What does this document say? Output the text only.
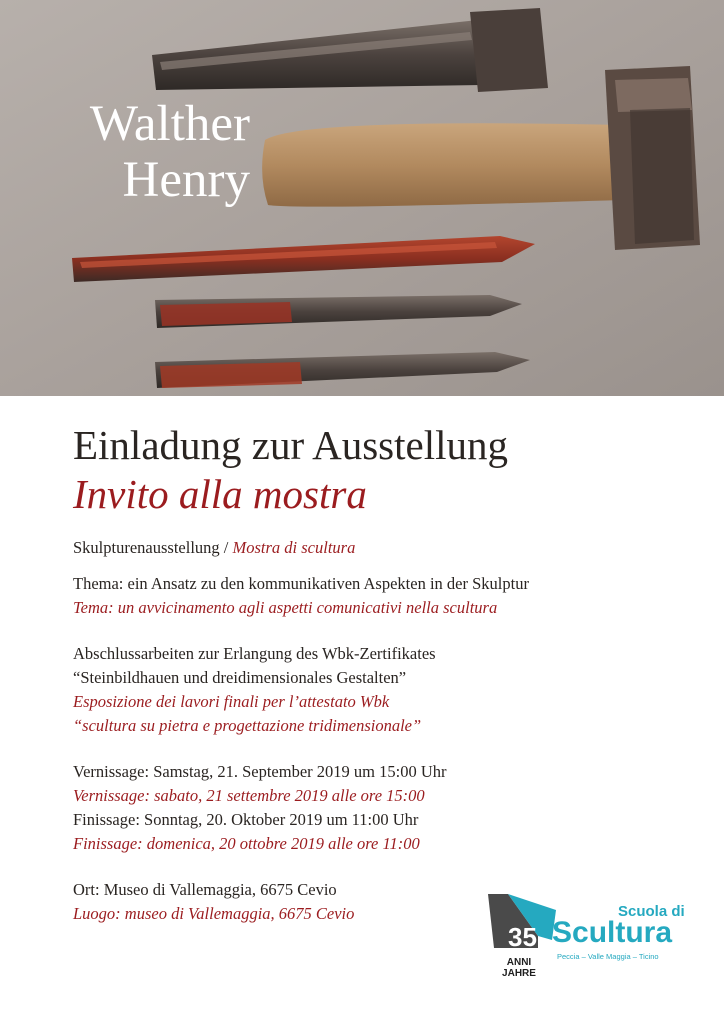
Walther
Henry
Einladung zur Ausstellung
Invito alla mostra
Skulpturenausstellung / Mostra di scultura
Thema: ein Ansatz zu den kommunikativen Aspekten in der Skulptur
Tema: un avvicinamento agli aspetti comunicativi nella scultura
Abschlussarbeiten zur Erlangung des Wbk-Zertifikates
“Steinbildhauen und dreidimensionales Gestalten”
Esposizione dei lavori finali per l’attestato Wbk
“scultura su pietra e progettazione tridimensionale”
Vernissage: Samstag, 21. September 2019 um 15:00 Uhr
Vernissage: sabato, 21 settembre 2019 alle ore 15:00
Finissage: Sonntag, 20. Oktober 2019 um 11:00 Uhr
Finissage: domenica, 20 ottobre 2019 alle ore 11:00
Ort: Museo di Vallemaggia, 6675 Cevio
Luogo: museo di Vallemaggia, 6675 Cevio
35
ANNI
JAHRE
Scuola di
Scultura
Peccia – Valle Maggia – Ticino
